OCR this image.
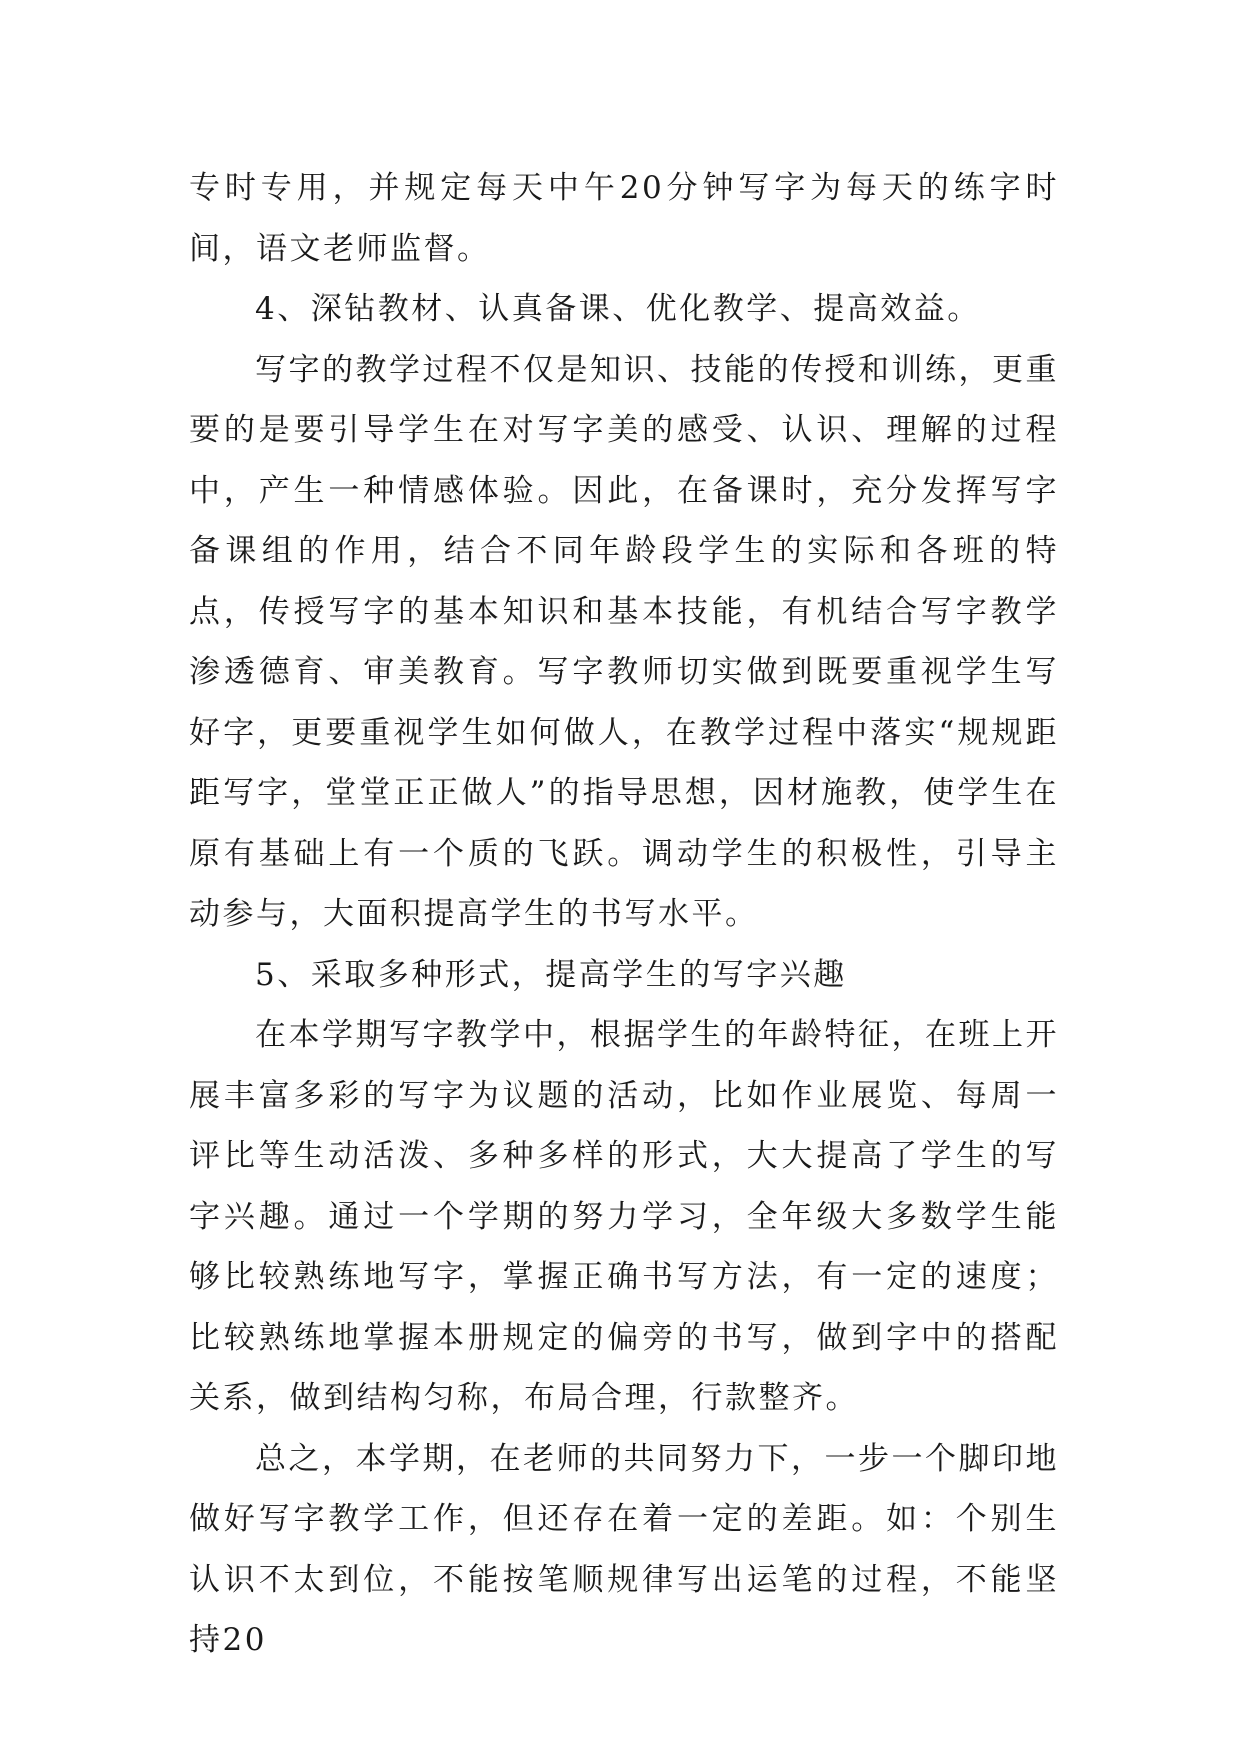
专时专用，并规定每天中午20分钟写字为每天的练字时间，语文老师监督。

4、深钻教材、认真备课、优化教学、提高效益。

写字的教学过程不仅是知识、技能的传授和训练，更重要的是要引导学生在对写字美的感受、认识、理解的过程中，产生一种情感体验。因此，在备课时，充分发挥写字备课组的作用，结合不同年龄段学生的实际和各班的特点，传授写字的基本知识和基本技能，有机结合写字教学渗透德育、审美教育。写字教师切实做到既要重视学生写好字，更要重视学生如何做人，在教学过程中落实“规规距距写字，堂堂正正做人”的指导思想，因材施教，使学生在原有基础上有一个质的飞跃。调动学生的积极性，引导主动参与，大面积提高学生的书写水平。

5、采取多种形式，提高学生的写字兴趣

在本学期写字教学中，根据学生的年龄特征，在班上开展丰富多彩的写字为议题的活动，比如作业展览、每周一评比等生动活泼、多种多样的形式，大大提高了学生的写字兴趣。通过一个学期的努力学习，全年级大多数学生能够比较熟练地写字，掌握正确书写方法，有一定的速度；比较熟练地掌握本册规定的偏旁的书写，做到字中的搭配关系，做到结构匀称，布局合理，行款整齐。

总之，本学期，在老师的共同努力下，一步一个脚印地做好写字教学工作，但还存在着一定的差距。如：个别生认识不太到位，不能按笔顺规律写出运笔的过程，不能坚持20
